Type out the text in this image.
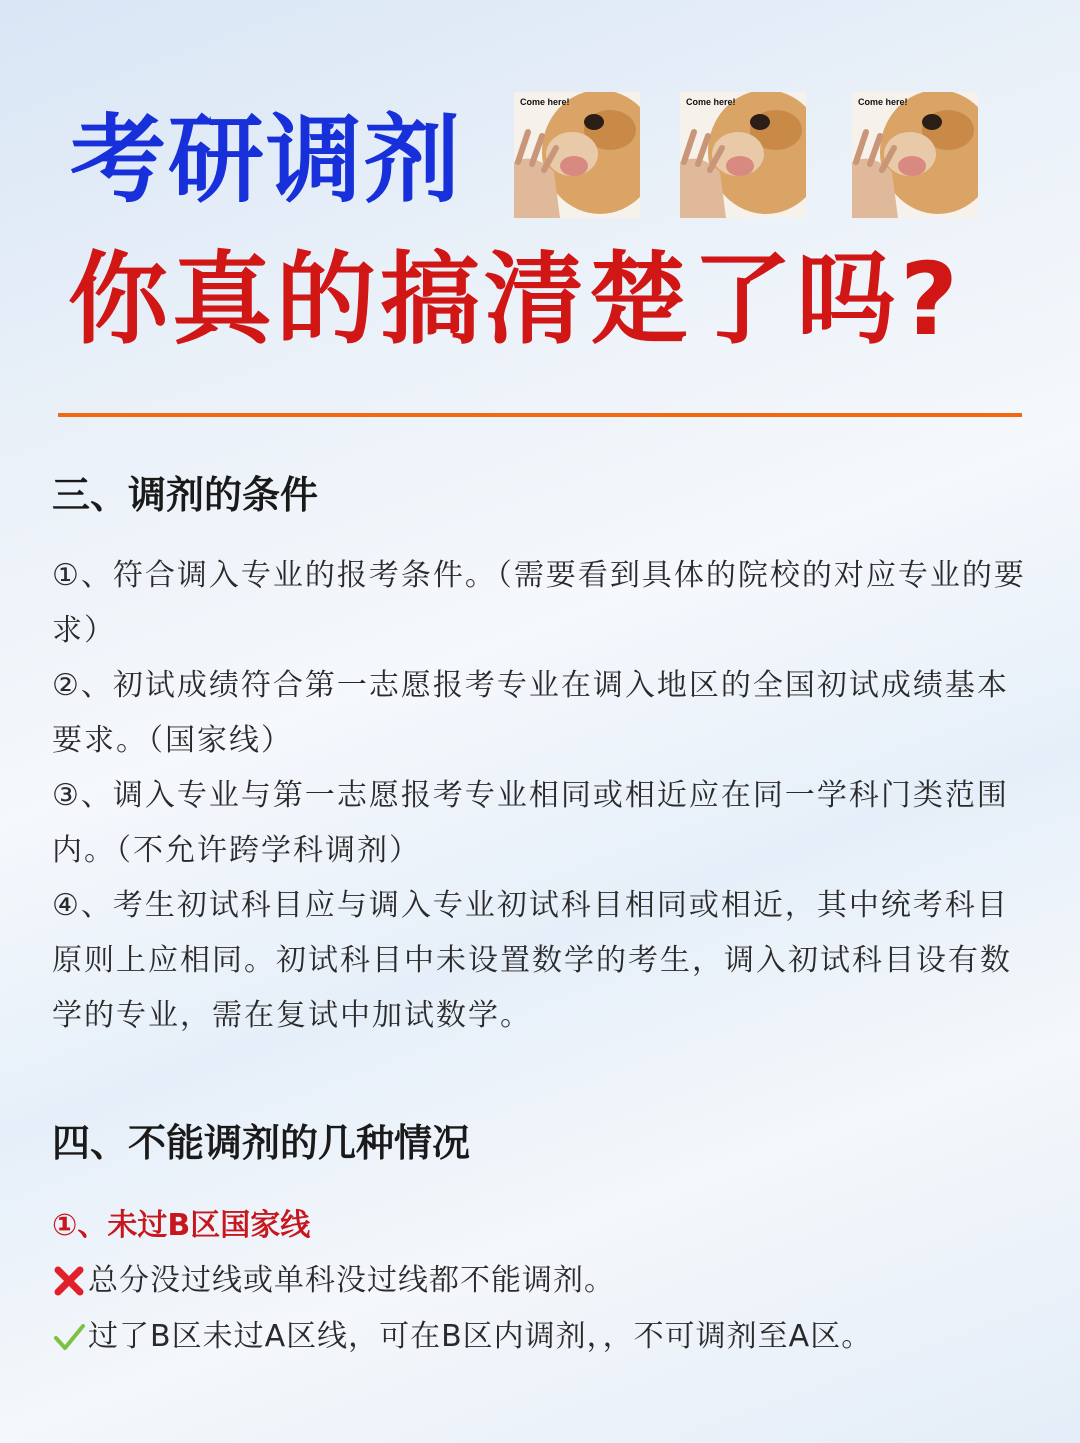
考研调剂
Come here!	Come here!	Come here!
你真的搞清楚了吗?
三、调剂的条件

①、符合调入专业的报考条件。（需要看到具体的院校的对应专业的要求）

②、初试成绩符合第一志愿报考专业在调入地区的全国初试成绩基本要求。（国家线）

③、调入专业与第一志愿报考专业相同或相近应在同一学科门类范围内。（不允许跨学科调剂）

④、考生初试科目应与调入专业初试科目相同或相近，其中统考科目原则上应相同。初试科目中未设置数学的考生，调入初试科目设有数学的专业，需在复试中加试数学。

四、不能调剂的几种情况

①、未过B区国家线

总分没过线或单科没过线都不能调剂。

过了B区未过A区线，可在B区内调剂，，不可调剂至A区。
